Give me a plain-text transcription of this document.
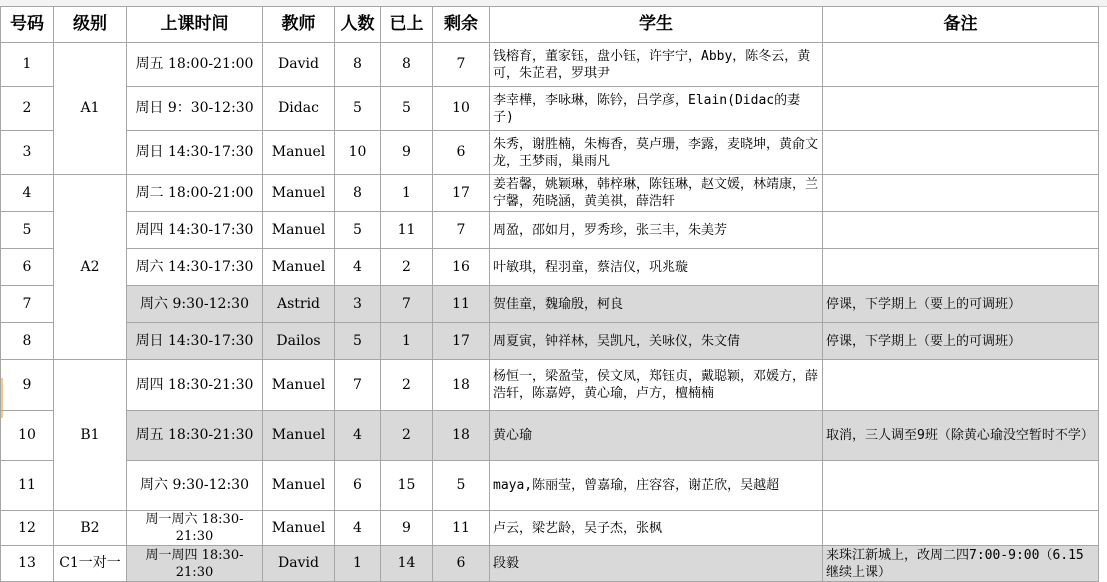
号码	级别	上课时间	教师	人数	已上	剩余	学生	备注
1	A1	周五 18:00-21:00	David	8	8	7	钱榕育，董家钰，盘小钰，许宇宁，Abby，陈冬云，黄可，朱芷君，罗琪尹	
2		周日 9：30-12:30	Didac	5	5	10	李幸樺，李咏琳，陈钤，吕学彦，Elain(Didac的妻子)	
3		周日 14:30-17:30	Manuel	10	9	6	朱秀，谢胜楠，朱梅香，莫卢珊，李露，麦晓坤，黄俞文龙，王梦雨，巢雨凡	
4	A2	周二 18:00-21:00	Manuel	8	1	17	姜若馨，姚颖琳，韩梓琳，陈钰琳，赵文媛，林靖康，兰宁馨，苑晓涵，黄美祺，薛浩轩	
5		周四 14:30-17:30	Manuel	5	11	7	周盈，邵如月，罗秀珍，张三丰，朱美芳	
6		周六 14:30-17:30	Manuel	4	2	16	叶敏琪，程羽童，蔡洁仪，巩兆璇	
7		周六 9:30-12:30	Astrid	3	7	11	贺佳童，魏瑜殷，柯良	停课，下学期上（要上的可调班）
8		周日 14:30-17:30	Dailos	5	1	17	周夏寅，钟祥林，吴凯凡，关咏仪，朱文倩	停课，下学期上（要上的可调班）
9	B1	周四 18:30-21:30	Manuel	7	2	18	杨恒一，梁盈莹，侯文凤，郑钰贞，戴聪颖，邓媛方，薛浩轩，陈嘉婷，黄心瑜，卢方，檀楠楠	
10		周五 18:30-21:30	Manuel	4	2	18	黄心瑜	取消，三人调至9班（除黄心瑜没空暂时不学）
11		周六 9:30-12:30	Manuel	6	15	5	maya,陈丽莹，曾嘉瑜，庄容容，谢芷欣，吴越超	
12	B2	周一周六 18:30-21:30	Manuel	4	9	11	卢云，梁艺龄，吴子杰，张枫	
13	C1一对一	周一周四 18:30-21:30	David	1	14	6	段毅	来珠江新城上，改周二四7:00-9:00（6.15继续上课）
